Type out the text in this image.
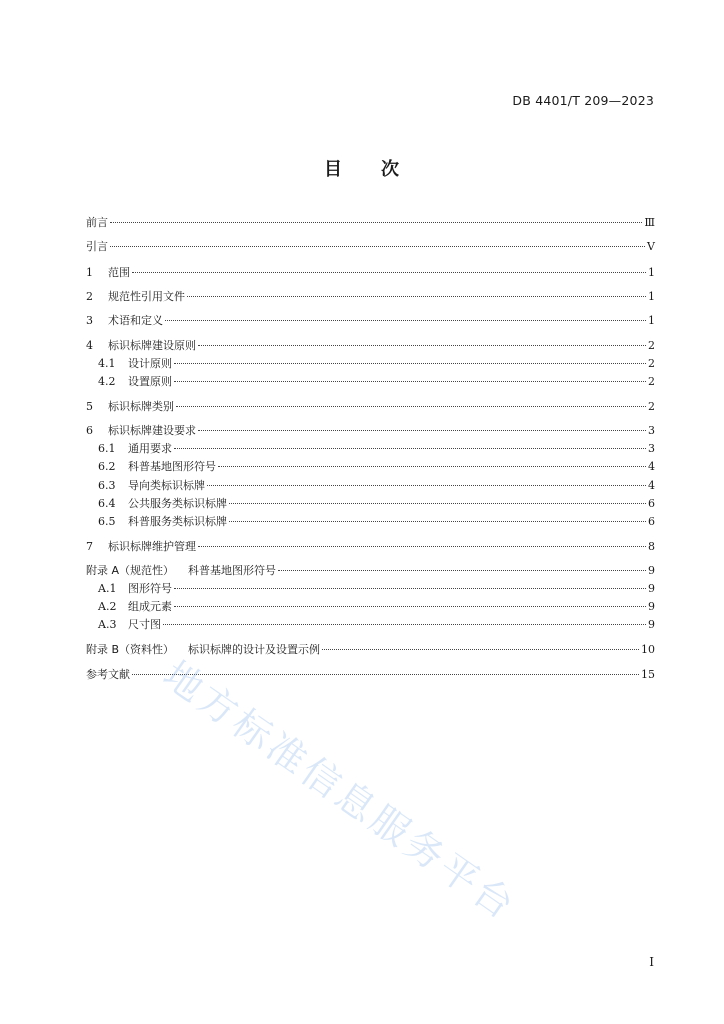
DB 4401/T 209—2023
目 次
前言	Ⅲ
引言	V
1	范围	1
2	规范性引用文件	1
3	术语和定义	1
4	标识标牌建设原则	2
4.1	设计原则	2
4.2	设置原则	2
5	标识标牌类别	2
6	标识标牌建设要求	3
6.1	通用要求	3
6.2	科普基地图形符号	4
6.3	导向类标识标牌	4
6.4	公共服务类标识标牌	6
6.5	科普服务类标识标牌	6
7	标识标牌维护管理	8
附录 A（规范性） 科普基地图形符号	9
A.1	图形符号	9
A.2	组成元素	9
A.3	尺寸图	9
附录 B（资料性） 标识标牌的设计及设置示例	10
参考文献	15
地方标准信息服务平台
I
